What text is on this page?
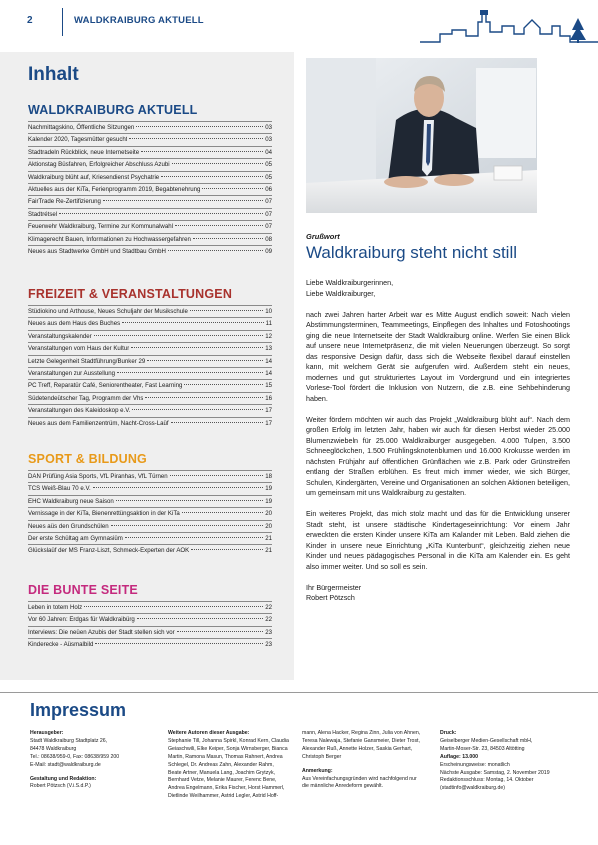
2	WALDKRAIBURG AKTUELL
Inhalt
WALDKRAIBURG AKTUELL
Nachmittagskino, Öffentliche Sitzungen	03
Kalender 2020, Tagesmütter gesucht	03
Stadtradeln Rückblick, neue Internetseite	04
Aktionstag Büsfahren, Erfolgreicher Abschluss Azubi	05
Waldkraiburg blüht auf, Kriesendienst Psychatrie	05
Aktuelles aus der KiTa, Ferienprogramm 2019, Begabtenehrung	06
FairTrade Re-Zertifizierung	07
Stadtrétsel	07
Feuerwehr Waldkraiburg, Termine zur Kommunalwahl	07
Klimagerecht Bauen, Informationen zu Hochwassergefahren	08
Neues aus Stadtwerke GmbH und Stadtbau GmbH	09
FREIZEIT & VERANSTALTUNGEN
Stüdiokino und Arthouse, Neues Schuljahr der Musikschule	10
Neues aus dem Haus des Buches	11
Veranstaltungskalender	12
Veranstaltungen vom Haus der Kultur	13
Letzte Gelegenheit Stadtführung/Bunker 29	14
Veranstaltungen zur Ausstellung	14
PC Treff, Reparatür Café, Seniorentheater, Fast Learning	15
Südetendeütscher Tag, Programm der Vhs	16
Veranstaltungen des Kaleidoskop e.V.	17
Neues aus dem Familienzentrüm, Nacht-Cross-Laüf	17
SPORT & BILDUNG
DAN Prüfüng Asia Sports, VfL Piranhas, VfL Türnen	18
TCS Weiß-Blau 70 e.V.	19
EHC Waldkraiburg neue Saison	19
Vernissage in der KiTa, Bienenrettüngsaktion in der KiTa	20
Neues aüs den Grundschülen	20
Der erste Schültag am Gymnasiüm	21
Glückslaüf der MS Franz-Liszt, Schmeck-Experten der AOK	21
DIE BUNTE SEITE
Leben in totem Holz	22
Vor 60 Jahren: Erdgas für Waldkraibürg	22
Interviews: Die neüen Azubis der Stadt stellen sich vor	23
Kinderecke - Aüsmalbild	23
Grußwort
Waldkraiburg steht nicht still

Liebe Waldkraiburgerinnen,
Liebe Waldkraiburger,

nach zwei Jahren harter Arbeit war es Mitte August endlich soweit: Nach vielen Abstimmungsterminen, Teammeetings, Einpflegen des Inhaltes und Fotoshootings ging die neue Internetseite der Stadt Waldkraiburg online. Werfen Sie einen Blick auf unsere neue Internetpräsenz, die mit vielen Neuerungen überzeugt. So sorgt das responsive Design dafür, dass sich die Webseite flexibel darauf einstellen kann, mit welchem Gerät sie aufgerufen wird. Außerdem steht ein neues, modernes und gut strukturiertes Layout im Vordergrund und ein integriertes Vorlese-Tool fördert die Inklusion von Nutzern, die z.B. eine Sehbehinderung haben.

Weiter fördern möchten wir auch das Projekt „Waldkraiburg blüht auf“. Nach dem großen Erfolg im letzten Jahr, haben wir auch für diesen Herbst wieder 25.000 Blumenzwiebeln für 25.000 Waldkraiburger ausgegeben. 4.000 Tulpen, 3.500 Schneeglöckchen, 1.500 Frühlingsknotenblumen und 16.000 Krokusse werden im nächsten Frühjahr auf öffentlichen Grünflächen wie z.B. Park oder Grünstreifen entlang der Straßen erblühen. Es freut mich immer wieder, wie sich Bürger, Schulen, Kindergärten, Vereine und Organisationen an solchen Aktionen beteiligen, um gemeinsam mit uns Waldkraiburg zu gestalten.

Ein weiteres Projekt, das mich stolz macht und das für die Entwicklung unserer Stadt steht, ist unsere städtische Kindertageseinrichtung: Vor einem Jahr erweckten die ersten Kinder unsere KiTa am Kalander mit Leben. Bald ziehen die Kinder in unsere neue Einrichtung „KiTa Kunterbunt“, gleichzeitig ziehen neue Kinder und neues pädagogisches Personal in die KiTa am Kalender ein. Es geht also immer weiter. Und so soll es sein.

Ihr Bürgermeister
Robert Pötzsch

Impressum
Herausgeber:
Stadt Waldkraiburg Stadtplatz 26,
84478 Waldkraiburg
Tel.: 08638/959-0, Fax: 08638/959 200
E-Mail: stadt@waldkraiburg.de
Gestaltung und Redaktion:
Robert Pötzsch (V.i.S.d.P.)
Weitere Autoren dieser Ausgabe:
Stephanie Till, Johanna Spirkl, Konrad Kern, Claudia
Geiaschwili, Elke Keiper, Sonja Wirnsberger, Bianca
Martin, Ramona Masun, Thomas Rahnert, Andrea
Schlegel, Dr. Andreas Zahn, Alexander Rahm,
Beate Artner, Manuela Lang, Joachim Grytzyk,
Bernhard Vetze, Melanie Maurer, Ferenc Bene,
Andrea Engelmann, Erika Fischer, Horst Hammerl,
Dietlinde Weilhammer, Astrid Legler, Astrid Hoff-
mann, Alena Hacker, Regina Zinn, Julia von Ahnen,
Teresa Nalewaja, Stefanie Gansmeier, Dieter Trost,
Alexander Ruß, Annette Holzer, Saskia Gerhart,
Christoph Berger
Anmerkung:
Aus Vereinfachungsgründen wird nachfolgend nur
die männliche Anredeform gewählt.
Druck:
Geiselberger Medien-Gesellschaft mbH,
Martin-Moser-Str. 23, 84503 Altötting
Auflage: 13.000
Erscheinungsweise: monatlich
Nächste Ausgabe: Samstag, 2. November 2019
Redaktionsschluss: Montag, 14. Oktober
(stadtinfo@waldkraiburg.de)
